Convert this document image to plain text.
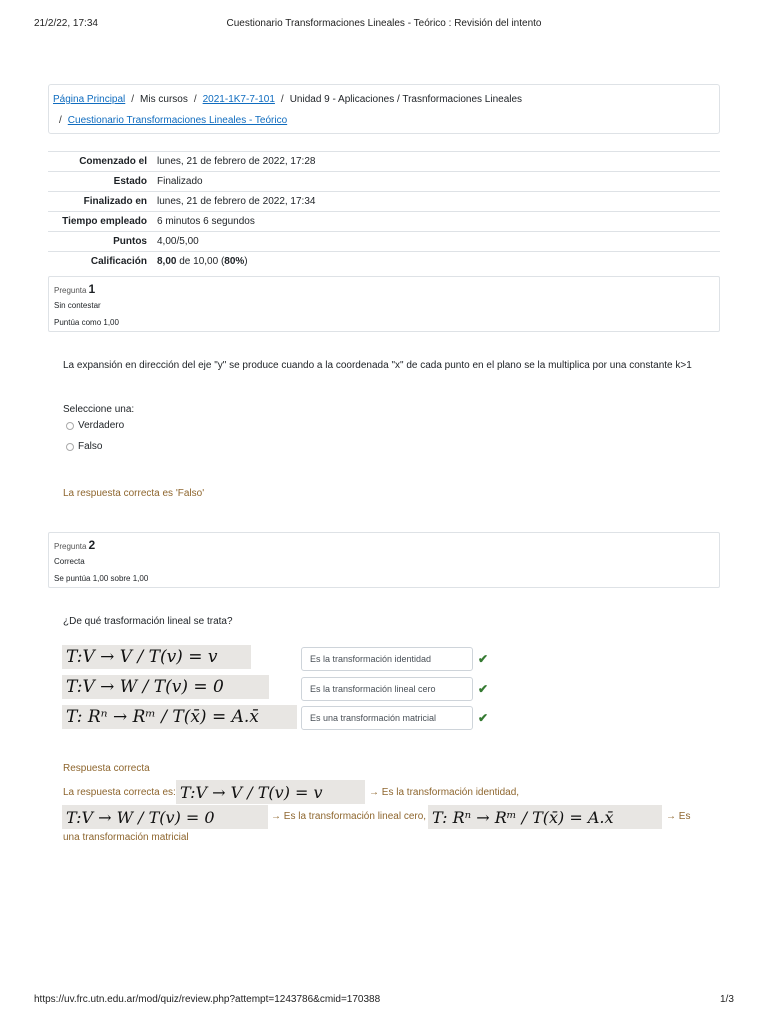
21/2/22, 17:34	Cuestionario Transformaciones Lineales - Teórico : Revisión del intento
Página Principal / Mis cursos / 2021-1K7-7-101 / Unidad 9 - Aplicaciones / Trasnformaciones Lineales
/ Cuestionario Transformaciones Lineales - Teórico
Comenzado el	lunes, 21 de febrero de 2022, 17:28
Estado	Finalizado
Finalizado en	lunes, 21 de febrero de 2022, 17:34
Tiempo empleado	6 minutos 6 segundos
Puntos	4,00/5,00
Calificación	8,00 de 10,00 (80%)
Pregunta 1
Sin contestar
Puntúa como 1,00
La expansión en dirección del eje "y" se produce cuando a la coordenada "x" de cada punto en el plano se la multiplica por una constante k>1
Seleccione una:
Verdadero
Falso
La respuesta correcta es 'Falso'
Pregunta 2
Correcta
Se puntúa 1,00 sobre 1,00
¿De qué trasformación lineal se trata?
T:V → V / T(v) = v	Es la transformación identidad	✔
T:V → W / T(v) = 0	Es la transformación lineal cero	✔
T: Rⁿ → Rᵐ / T(x̄) = A.x̄	Es una transformación matricial	✔
Respuesta correcta
La respuesta correcta es: T:V → V / T(v) = v	→ Es la transformación identidad,
T:V → W / T(v) = 0	→ Es la transformación lineal cero, T: Rⁿ → Rᵐ / T(x̄) = A.x̄	→ Es
una transformación matricial
https://uv.frc.utn.edu.ar/mod/quiz/review.php?attempt=1243786&cmid=170388	1/3
